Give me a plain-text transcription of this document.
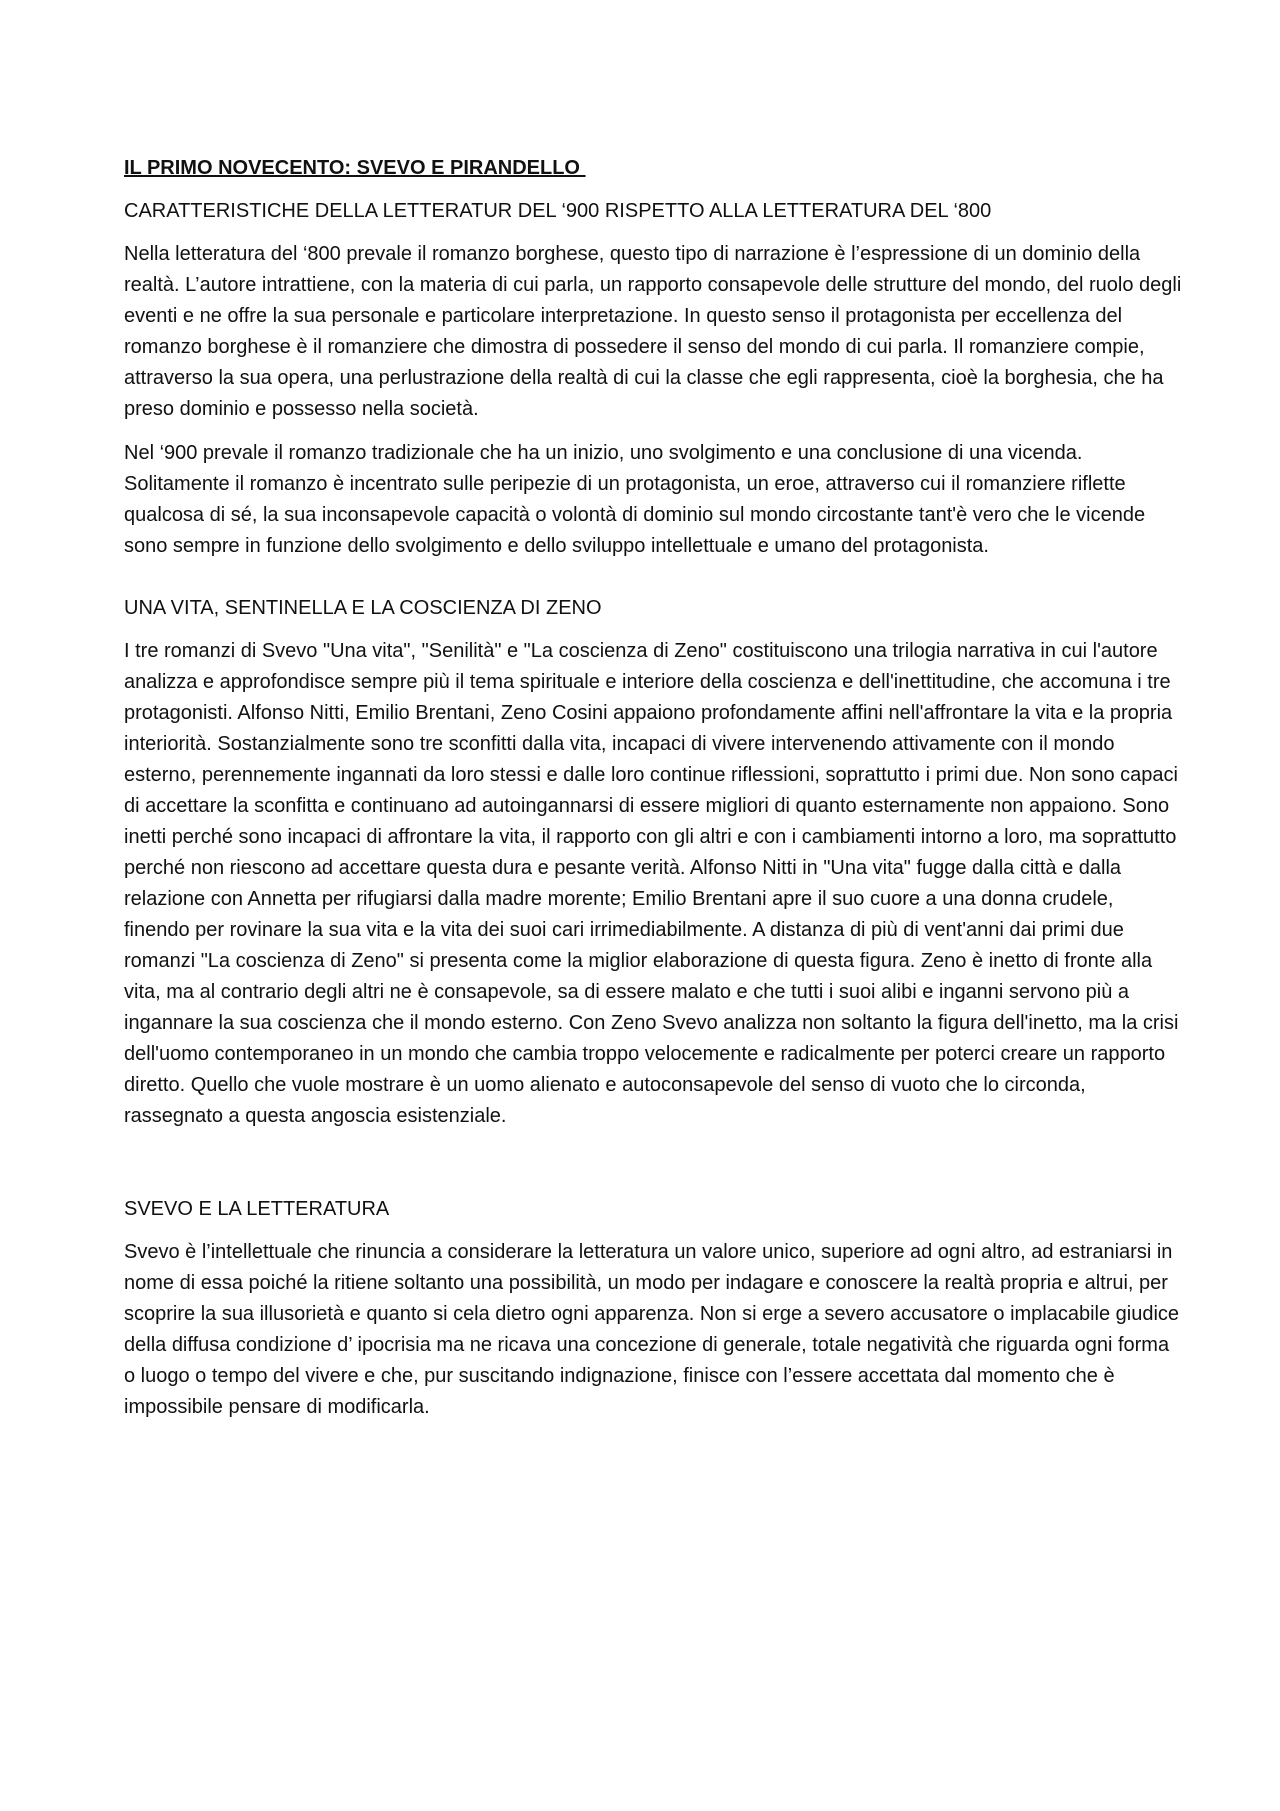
IL PRIMO NOVECENTO: SVEVO E PIRANDELLO
CARATTERISTICHE DELLA LETTERATUR DEL ‘900 RISPETTO ALLA LETTERATURA DEL ‘800

Nella letteratura del ‘800 prevale il romanzo borghese, questo tipo di narrazione è l’espressione di un dominio della realtà. L’autore intrattiene, con la materia di cui parla, un rapporto consapevole delle strutture del mondo, del ruolo degli eventi e ne offre la sua personale e particolare interpretazione. In questo senso il protagonista per eccellenza del romanzo borghese è il romanziere che dimostra di possedere il senso del mondo di cui parla. Il romanziere compie, attraverso la sua opera, una perlustrazione della realtà di cui la classe che egli rappresenta, cioè la borghesia, che ha preso dominio e possesso nella società.

Nel ‘900 prevale il romanzo tradizionale che ha un inizio, uno svolgimento e una conclusione di una vicenda.

Solitamente il romanzo è incentrato sulle peripezie di un protagonista, un eroe, attraverso cui il romanziere riflette qualcosa di sé, la sua inconsapevole capacità o volontà di dominio sul mondo circostante tant'è vero che le vicende sono sempre in funzione dello svolgimento e dello sviluppo intellettuale e umano del protagonista.

UNA VITA, SENTINELLA E LA COSCIENZA DI ZENO

I tre romanzi di Svevo "Una vita", "Senilità" e "La coscienza di Zeno" costituiscono una trilogia narrativa in cui l'autore analizza e approfondisce sempre più il tema spirituale e interiore della coscienza e dell'inettitudine, che accomuna i tre protagonisti. Alfonso Nitti, Emilio Brentani, Zeno Cosini appaiono profondamente affini nell'affrontare la vita e la propria interiorità. Sostanzialmente sono tre sconfitti dalla vita, incapaci di vivere intervenendo attivamente con il mondo esterno, perennemente ingannati da loro stessi e dalle loro continue riflessioni, soprattutto i primi due. Non sono capaci di accettare la sconfitta e continuano ad autoingannarsi di essere migliori di quanto esternamente non appaiono. Sono inetti perché sono incapaci di affrontare la vita, il rapporto con gli altri e con i cambiamenti intorno a loro, ma soprattutto perché non riescono ad accettare questa dura e pesante verità. Alfonso Nitti in "Una vita" fugge dalla città e dalla relazione con Annetta per rifugiarsi dalla madre morente; Emilio Brentani apre il suo cuore a una donna crudele, finendo per rovinare la sua vita e la vita dei suoi cari irrimediabilmente. A distanza di più di vent'anni dai primi due romanzi "La coscienza di Zeno" si presenta come la miglior elaborazione di questa figura. Zeno è inetto di fronte alla vita, ma al contrario degli altri ne è consapevole, sa di essere malato e che tutti i suoi alibi e inganni servono più a ingannare la sua coscienza che il mondo esterno. Con Zeno Svevo analizza non soltanto la figura dell'inetto, ma la crisi dell'uomo contemporaneo in un mondo che cambia troppo velocemente e radicalmente per poterci creare un rapporto diretto. Quello che vuole mostrare è un uomo alienato e autoconsapevole del senso di vuoto che lo circonda, rassegnato a questa angoscia esistenziale.

SVEVO E LA LETTERATURA

Svevo è l’intellettuale che rinuncia a considerare la letteratura un valore unico, superiore ad ogni altro, ad estraniarsi in nome di essa poiché la ritiene soltanto una possibilità, un modo per indagare e conoscere la realtà propria e altrui, per scoprire la sua illusorietà e quanto si cela dietro ogni apparenza. Non si erge a severo accusatore o implacabile giudice della diffusa condizione d’ ipocrisia ma ne ricava una concezione di generale, totale negatività che riguarda ogni forma o luogo o tempo del vivere e che, pur suscitando indignazione, finisce con l’essere accettata dal momento che è impossibile pensare di modificarla.
